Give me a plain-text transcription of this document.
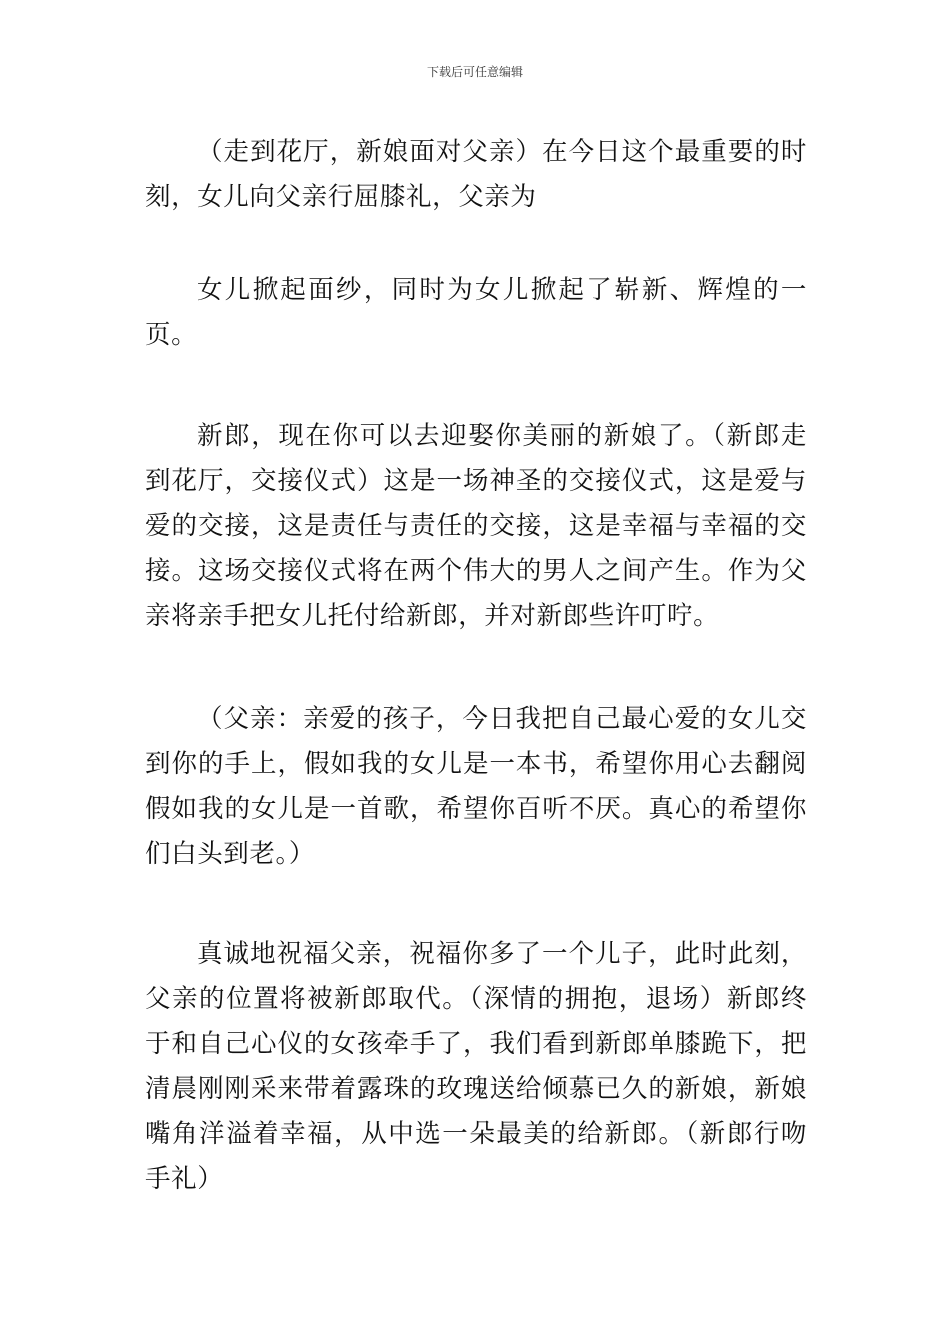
下载后可任意编辑

（走到花厅，新娘面对父亲）在今日这个最重要的时刻，女儿向父亲行屈膝礼，父亲为

女儿掀起面纱，同时为女儿掀起了崭新、辉煌的一页。

新郎，现在你可以去迎娶你美丽的新娘了。（新郎走到花厅，交接仪式）这是一场神圣的交接仪式，这是爱与爱的交接，这是责任与责任的交接，这是幸福与幸福的交接。这场交接仪式将在两个伟大的男人之间产生。作为父亲将亲手把女儿托付给新郎，并对新郎些许叮咛。

（父亲：亲爱的孩子，今日我把自己最心爱的女儿交到你的手上，假如我的女儿是一本书，希望你用心去翻阅假如我的女儿是一首歌，希望你百听不厌。真心的希望你们白头到老。）

真诚地祝福父亲，祝福你多了一个儿子，此时此刻，父亲的位置将被新郎取代。（深情的拥抱，退场）新郎终于和自己心仪的女孩牵手了，我们看到新郎单膝跪下，把清晨刚刚采来带着露珠的玫瑰送给倾慕已久的新娘，新娘嘴角洋溢着幸福，从中选一朵最美的给新郎。（新郎行吻手礼）
